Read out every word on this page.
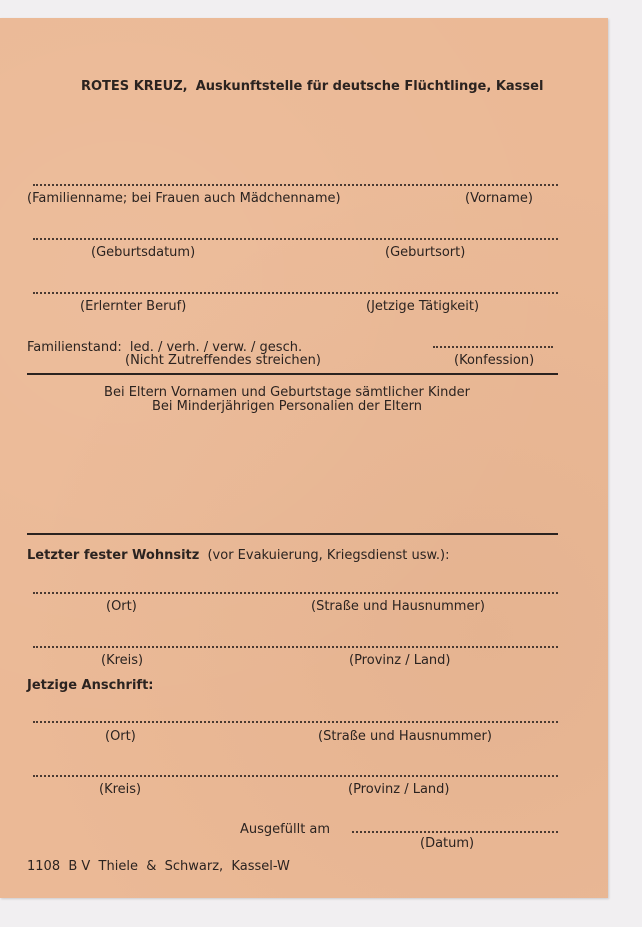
ROTES KREUZ, Auskunftstelle für deutsche Flüchtlinge, Kassel
(Familienname; bei Frauen auch Mädchenname)	(Vorname)
(Geburtsdatum)	(Geburtsort)
(Erlernter Beruf)	(Jetzige Tätigkeit)
Familienstand: led. / verh. / verw. / gesch.
(Nicht Zutreffendes streichen)	(Konfession)
Bei Eltern Vornamen und Geburtstage sämtlicher Kinder
Bei Minderjährigen Personalien der Eltern
Letzter fester Wohnsitz (vor Evakuierung, Kriegsdienst usw.):
(Ort)	(Straße und Hausnummer)
(Kreis)	(Provinz / Land)
Jetzige Anschrift:
(Ort)	(Straße und Hausnummer)
(Kreis)	(Provinz / Land)
Ausgefüllt am
(Datum)
1108  B V  Thiele  &  Schwarz,  Kassel-W
